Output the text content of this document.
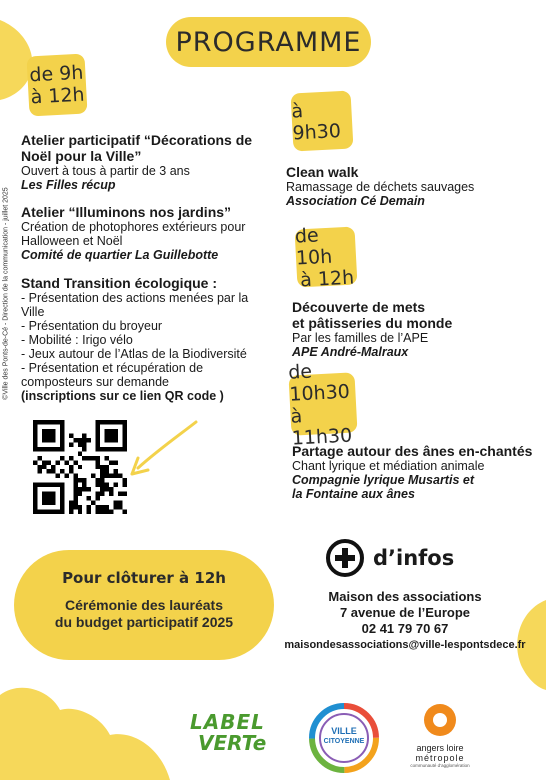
PROGRAMME
©Ville des Ponts-de-Cé - Direction de la communication - juillet 2025
de 9h
à 12h
Atelier participatif “Décorations de
Noël pour la Ville”
Ouvert à tous à partir de 3 ans
Les Filles récup
Atelier “Illuminons nos jardins”
Création de photophores extérieurs pour
Halloween et Noël
Comité de quartier La Guillebotte
Stand Transition écologique :
- Présentation des actions menées par la
Ville
- Présentation du broyeur
- Mobilité : Irigo vélo
- Jeux autour de l’Atlas de la Biodiversité
- Présentation et récupération de
composteurs sur demande
(inscriptions sur ce lien QR code )
à 9h30
Clean walk
Ramassage de déchets sauvages
Association Cé Demain
de 10h
à 12h
Découverte de mets
et pâtisseries du monde
Par les familles de l’APE
APE André-Malraux
de 10h30
à 11h30
Partage autour des ânes en-chantés
Chant lyrique et médiation animale
Compagnie lyrique Musartis et
la Fontaine aux ânes
Pour clôturer à 12h
Cérémonie des lauréats
du budget participatif 2025
d’infos
Maison des associations
7 avenue de l’Europe
02 41 79 70 67
maisondesassociations@ville-lespontsdece.fr
LABEL
VERTe	VILLE
CITOYENNE
angers loire
métropole
communauté d’agglomération
